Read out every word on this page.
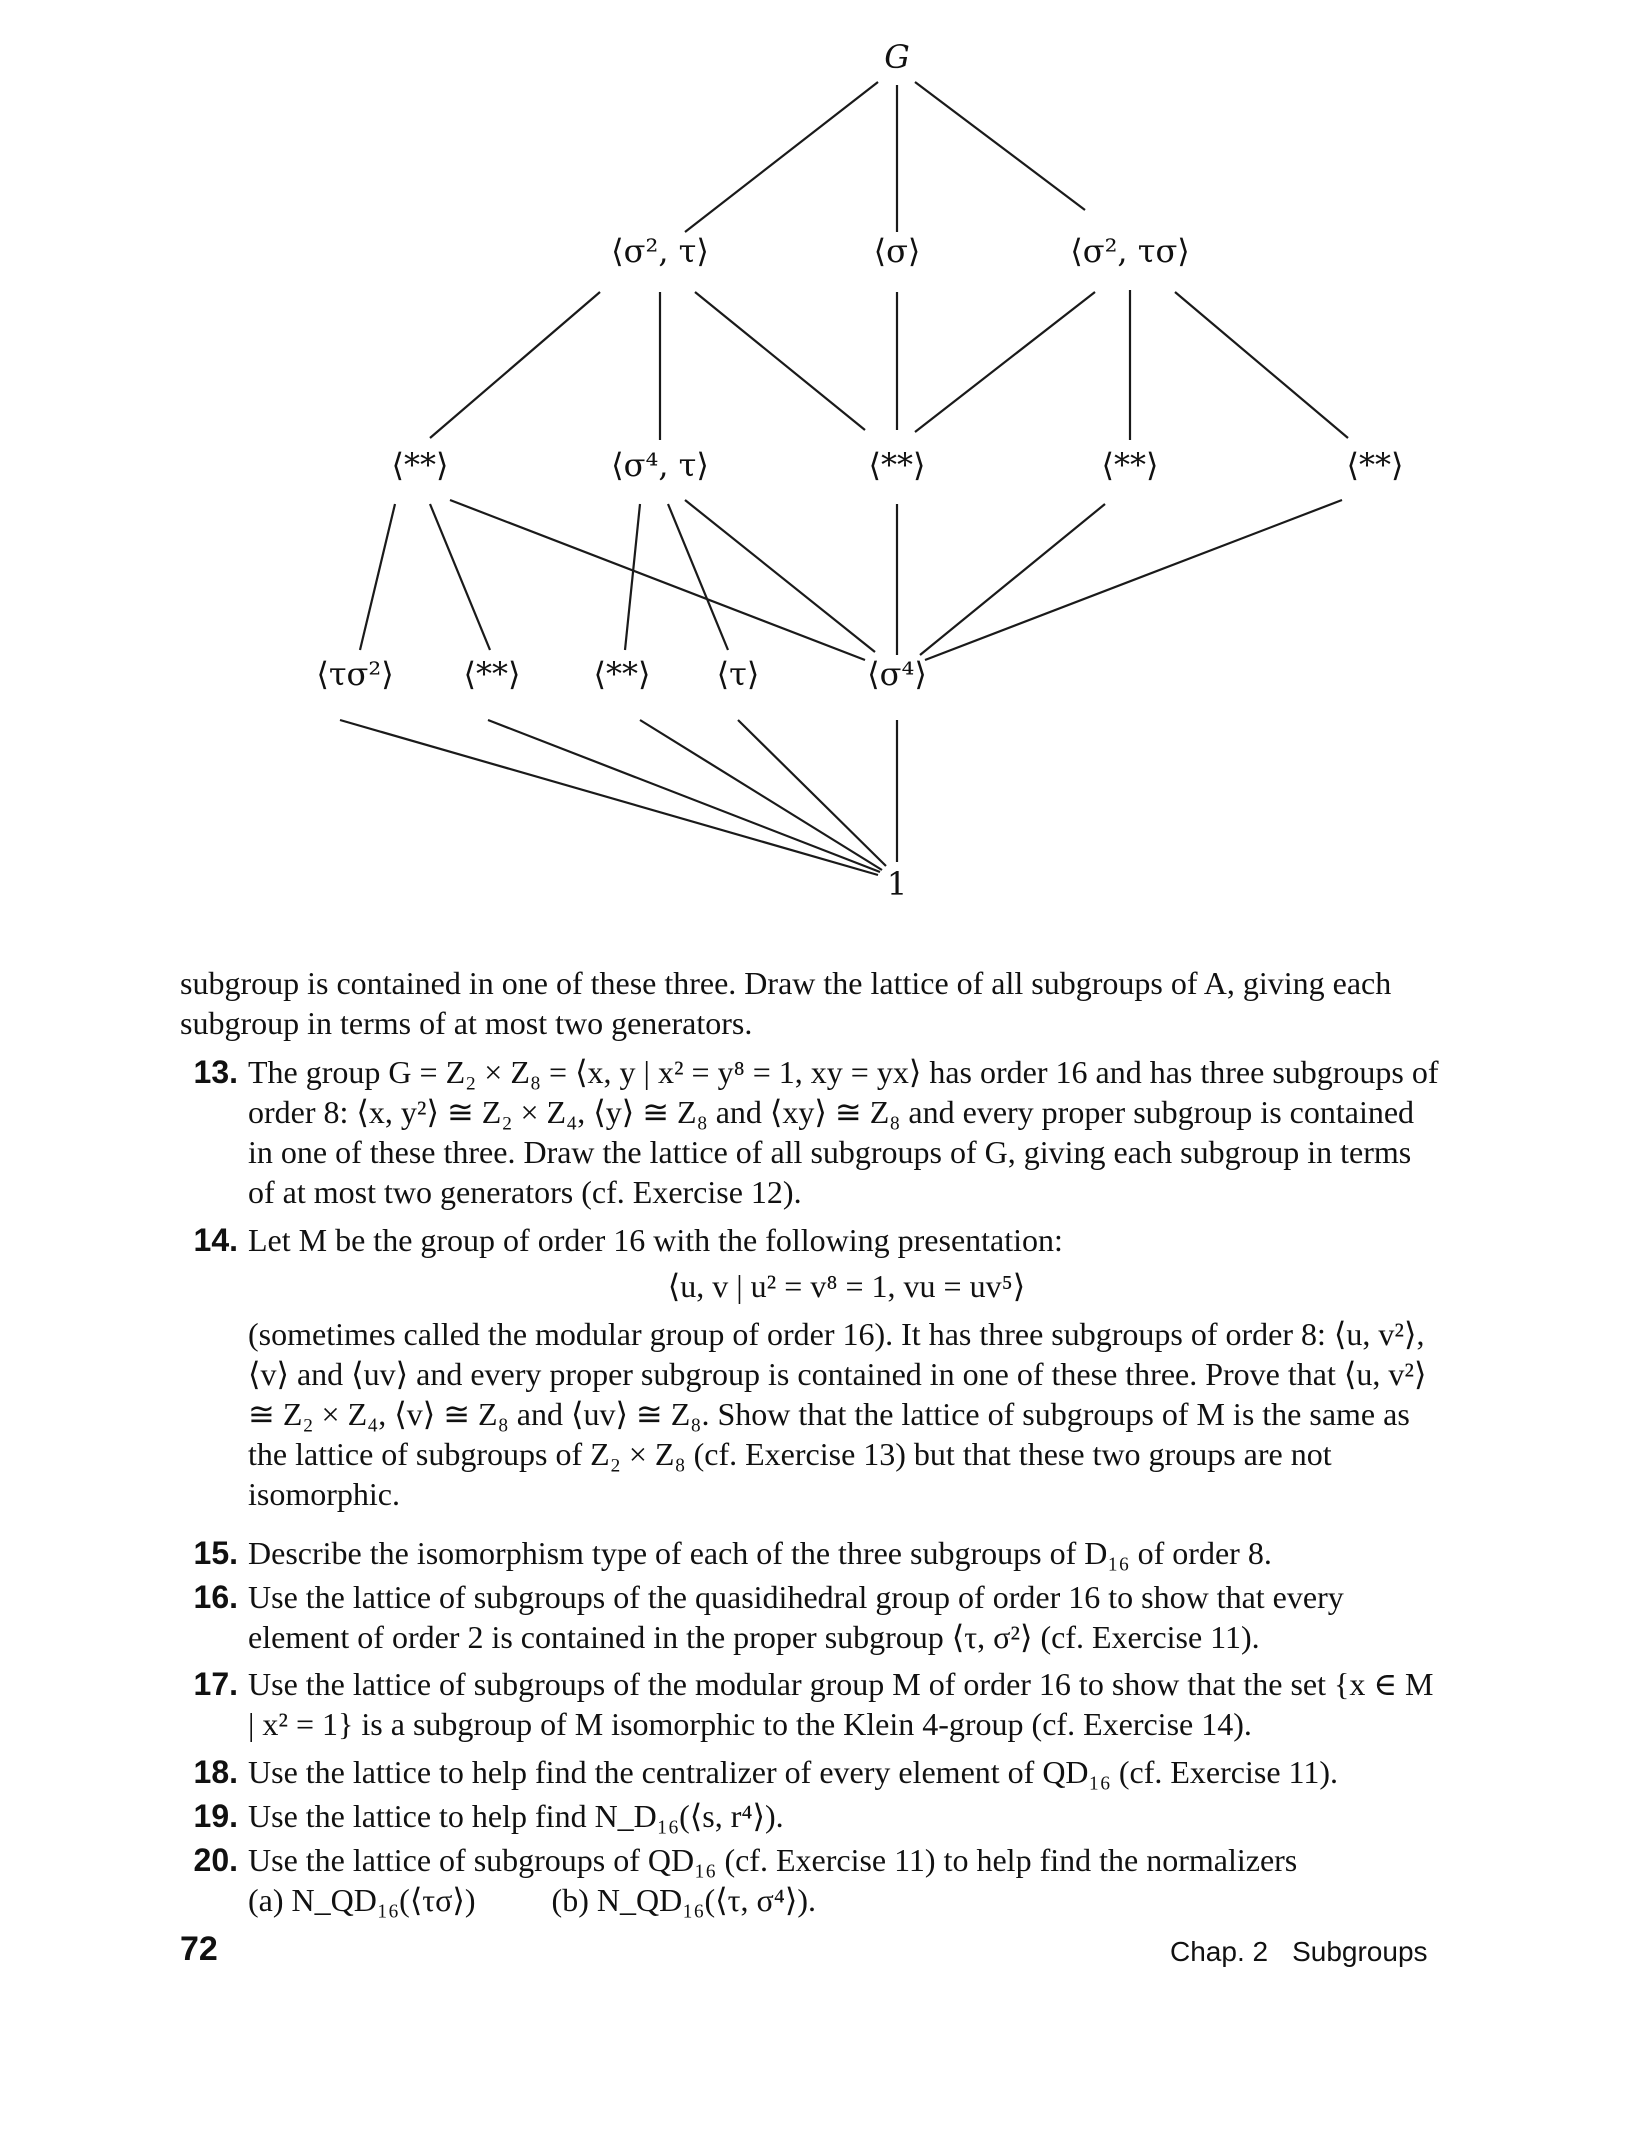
G
⟨σ², τ⟩	⟨σ⟩	⟨σ², τσ⟩
⟨**⟩	⟨σ⁴, τ⟩	⟨**⟩	⟨**⟩	⟨**⟩
⟨τσ²⟩ ⟨**⟩ ⟨**⟩ ⟨τ⟩	⟨σ⁴⟩
1

subgroup is contained in one of these three. Draw the lattice of all subgroups of A, giving each subgroup in terms of at most two generators.

13. The group G = Z₂ × Z₈ = ⟨x, y | x² = y⁸ = 1, xy = yx⟩ has order 16 and has three subgroups of order 8: ⟨x, y²⟩ ≅ Z₂ × Z₄, ⟨y⟩ ≅ Z₈ and ⟨xy⟩ ≅ Z₈ and every proper subgroup is contained in one of these three. Draw the lattice of all subgroups of G, giving each subgroup in terms of at most two generators (cf. Exercise 12).
14. Let M be the group of order 16 with the following presentation:
⟨u, v | u² = v⁸ = 1, vu = uv⁵⟩
(sometimes called the modular group of order 16). It has three subgroups of order 8: ⟨u, v²⟩, ⟨v⟩ and ⟨uv⟩ and every proper subgroup is contained in one of these three. Prove that ⟨u, v²⟩ ≅ Z₂ × Z₄, ⟨v⟩ ≅ Z₈ and ⟨uv⟩ ≅ Z₈. Show that the lattice of subgroups of M is the same as the lattice of subgroups of Z₂ × Z₈ (cf. Exercise 13) but that these two groups are not isomorphic.
15. Describe the isomorphism type of each of the three subgroups of D₁₆ of order 8.
16. Use the lattice of subgroups of the quasidihedral group of order 16 to show that every element of order 2 is contained in the proper subgroup ⟨τ, σ²⟩ (cf. Exercise 11).
17. Use the lattice of subgroups of the modular group M of order 16 to show that the set {x ∈ M | x² = 1} is a subgroup of M isomorphic to the Klein 4-group (cf. Exercise 14).
18. Use the lattice to help find the centralizer of every element of QD₁₆ (cf. Exercise 11).
19. Use the lattice to help find N_D₁₆(⟨s, r⁴⟩).
20. Use the lattice of subgroups of QD₁₆ (cf. Exercise 11) to help find the normalizers
(a) N_QD₁₆(⟨τσ⟩) (b) N_QD₁₆(⟨τ, σ⁴⟩).
72	Chap. 2 Subgroups
